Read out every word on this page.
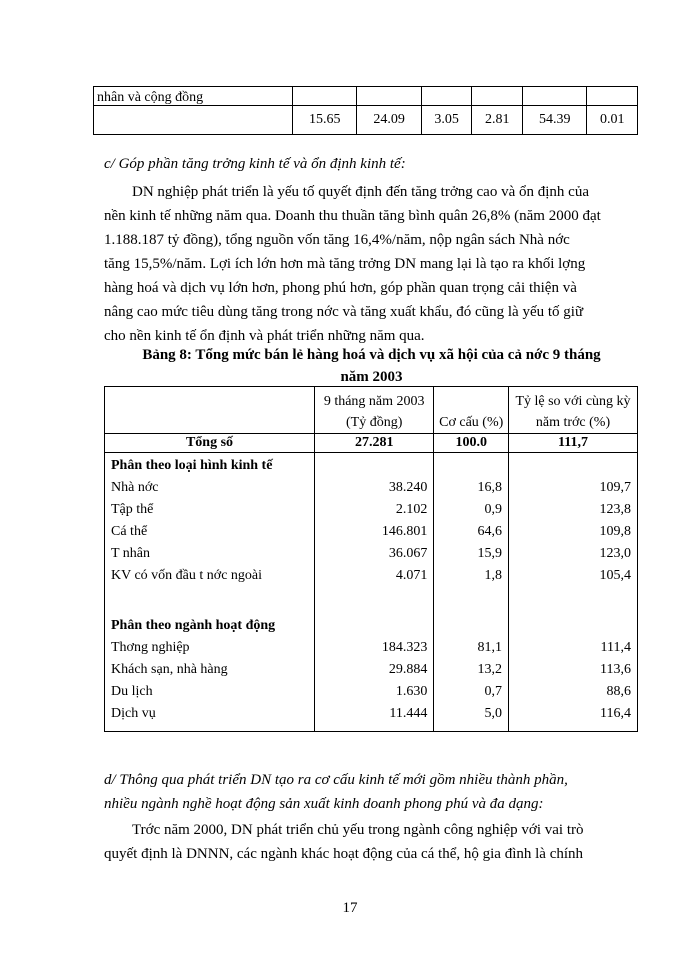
nhân và cộng đồng						
	15.65	24.09	3.05	2.81	54.39	0.01
c/ Góp phần tăng trởng kinh tế và ổn định kinh tế:
DN nghiệp phát triển là yếu tố quyết định đến tăng trởng cao và ổn định của
nền kinh tế những năm qua. Doanh thu thuần tăng bình quân 26,8% (năm 2000 đạt
1.188.187 tỷ đồng), tổng nguồn vốn tăng 16,4%/năm, nộp ngân sách Nhà nớc
tăng 15,5%/năm. Lợi ích lớn hơn mà tăng trởng DN mang lại là tạo ra khối lợng
hàng hoá và dịch vụ lớn hơn, phong phú hơn, góp phần quan trọng cải thiện và
nâng cao mức tiêu dùng tăng trong nớc và tăng xuất khẩu, đó cũng là yếu tố giữ
cho nền kinh tế ổn định và phát triển những năm qua.
Bảng 8: Tổng mức bán lẻ hàng hoá và dịch vụ xã hội của cả nớc 9 tháng
năm 2003
	9 tháng năm 2003 (Tỷ đồng)	Cơ cấu (%)	Tỷ lệ so với cùng kỳ năm trớc (%)
Tổng số	27.281	100.0	111,7
Phân theo loại hình kinh tế			
Nhà nớc	38.240	16,8	109,7
Tập thể	2.102	0,9	123,8
Cá thể	146.801	64,6	109,8
T nhân	36.067	15,9	123,0
KV có vốn đầu t nớc ngoài	4.071	1,8	105,4

Phân theo ngành hoạt động			
Thơng nghiệp	184.323	81,1	111,4
Khách sạn, nhà hàng	29.884	13,2	113,6
Du lịch	1.630	0,7	88,6
Dịch vụ	11.444	5,0	116,4
d/ Thông qua phát triển DN tạo ra cơ cấu kinh tế mới gồm nhiều thành phần,
nhiều ngành nghề hoạt động sản xuất kinh doanh phong phú và đa dạng:
Trớc năm 2000, DN phát triển chủ yếu trong ngành công nghiệp với vai trò
quyết định là DNNN, các ngành khác hoạt động của cá thể, hộ gia đình là chính
17
